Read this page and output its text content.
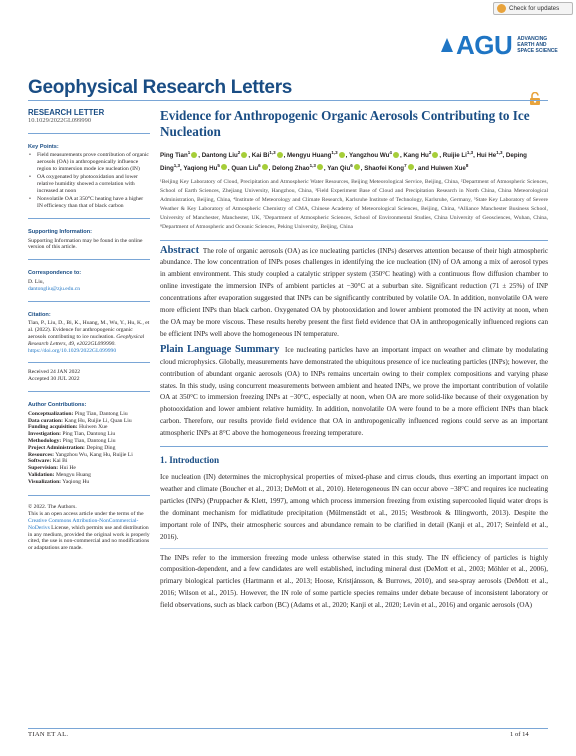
Check for updates
AGU ADVANCING
EARTH AND
SPACE SCIENCE
Geophysical Research Letters
RESEARCH LETTER
10.1029/2022GL099990
Key Points:
• Field measurements prove contribution of organic aerosols (OA) in anthropogenically influence region to immersion mode ice nucleation (IN)
• OA oxygenated by photooxidation and lower relative humidity showed a correlation with increased at noon
• Nonvolatile OA at 350°C heating have a higher IN efficiency than that of black carbon
Supporting Information:
Supporting Information may be found in the online version of this article.
Correspondence to:
D. Liu,
dantongliu@zju.edu.cn
Citation:
Tian, P., Liu, D., Bi, K., Huang, M., Wu, Y., Hu, K., et al. (2022). Evidence for anthropogenic organic aerosols contributing to ice nucleation. Geophysical Research Letters, 49, e2022GL099990. https://doi.org/10.1029/2022GL099990
Received 24 JAN 2022
Accepted 30 JUL 2022
Author Contributions:
Conceptualization: Ping Tian, Dantong Liu
Data curation: Kang Hu, Ruijie Li, Quan Liu
Funding acquisition: Huiwen Xue
Investigation: Ping Tian, Dantong Liu
Methodology: Ping Tian, Dantong Liu
Project Administration: Deping Ding
Resources: Yangzhou Wu, Kang Hu, Ruijie Li
Software: Kai Bi
Supervision: Hui He
Validation: Mengyu Huang
Visualization: Yaqiong Hu
© 2022. The Authors.
This is an open access article under the terms of the Creative Commons Attribution-NonCommercial-NoDerivs License, which permits use and distribution in any medium, provided the original work is properly cited, the use is non-commercial and no modifications or adaptations are made.
Evidence for Anthropogenic Organic Aerosols Contributing to Ice Nucleation
Ping Tian$^1$ , Dantong Liu$^2$ , Kai Bi$^{1,3}$ , Mengyu Huang$^{1,3}$ , Yangzhou Wu$^4$ , Kang Hu$^2$ , Ruijie Li$^{1,3}$, Hui He$^{1,3}$, Deping Ding$^{1,3}$, Yaqiong Hu$^5$ , Quan Liu$^6$ , Delong Zhao$^{1,3}$ , Yan Qiu$^6$ , Shaofei Kong$^7$ , and Huiwen Xue$^8$
¹Beijing Key Laboratory of Cloud, Precipitation and Atmospheric Water Resources, Beijing Meteorological Service, Beijing, China, ²Department of Atmospheric Sciences, School of Earth Sciences, Zhejiang University, Hangzhou, China, ³Field Experiment Base of Cloud and Precipitation Research in North China, China Meteorological Administration, Beijing, China, ⁴Institute of Meteorology and Climate Research, Karlsruhe Institute of Technology, Karlsruhe, Germany, ⁵State Key Laboratory of Severe Weather & Key Laboratory of Atmospheric Chemistry of CMA, Chinese Academy of Meteorological Sciences, Beijing, China, ⁶Alliance Manchester Business School, University of Manchester, Manchester, UK, ⁷Department of Atmospheric Sciences, School of Environmental Studies, China University of Geosciences, Wuhan, China, ⁸Department of Atmospheric and Oceanic Sciences, Peking University, Beijing, China

Abstract The role of organic aerosols (OA) as ice nucleating particles (INPs) deserves attention because of their high atmospheric abundance. The low concentration of INPs poses challenges in identifying the ice nucleation (IN) of OA among a mix of aerosol types in ambient environment. This study coupled a catalytic stripper system (350°C heating) with a continuous flow diffusion chamber to online investigate the immersion INPs of ambient particles at −30°C at a suburban site. Significant reduction (71 ± 25%) of INP concentrations after evaporation suggested that INPs can be significantly contributed by volatile OA. In addition, nonvolatile OA were more efficient INPs than black carbon. Oxygenated OA by photooxidation and lower ambient promoted the IN activity at noon, when the OA may be more viscous. These results hereby present the first field evidence that OA in anthropogenically influenced regions can be efficient INPs well above the homogeneous IN temperature.

Plain Language Summary Ice nucleating particles have an important impact on weather and climate by modulating cloud microphysics. Globally, measurements have demonstrated the ubiquitous presence of ice nucleating particles (INPs); however, the contribution of abundant organic aerosols (OA) to INPs remains uncertain owing to their complex compositions and varying phase states. In this study, using concurrent measurements between ambient and heated INPs, we prove the important contribution of volatile OA at 350°C to immersion freezing INPs at −30°C, especially at noon, when OA are more solid-like because of their oxygenation by photooxidation and lower ambient relative humidity. In addition, nonvolatile OA were found to be a more efficient INPs than black carbon. Therefore, our results provide field evidence that OA in anthropogenically influenced regions could serve as an important atmospheric INPs at 8°C above the homogeneous freezing temperature.

1. Introduction

Ice nucleation (IN) determines the microphysical properties of mixed-phase and cirrus clouds, thus exerting an important impact on weather and climate (Boucher et al., 2013; DeMott et al., 2010). Heterogeneous IN can occur above −38°C and requires ice nucleating particles (INPs) (Pruppacher & Klett, 1997), among which process immersion freezing from existing supercooled liquid water drops is the dominant mechanism for midlatitude precipitation (Mülmenstädt et al., 2015; Westbrook & Illingworth, 2013). Despite the important role of INPs, their atmospheric sources and abundance remain to be clarified in detail (Kanji et al., 2017; Seinfeld et al., 2016).

The INPs refer to the immersion freezing mode unless otherwise stated in this study. The IN efficiency of particles is highly composition-dependent, and a few candidates are well established, including mineral dust (DeMott et al., 2003; Möhler et al., 2006), primary biological particles (Hartmann et al., 2013; Hoose, Kristjánsson, & Burrows, 2010), and sea-spray aerosols (DeMott et al., 2016; Wilson et al., 2015). However, the IN role of some particle species remains under debate because of inconsistent laboratory or field observations, such as black carbon (BC) (Adams et al., 2020; Kanji et al., 2020; Levin et al., 2016) and organic aerosols (OA)

TIAN ET AL.	1 of 14
